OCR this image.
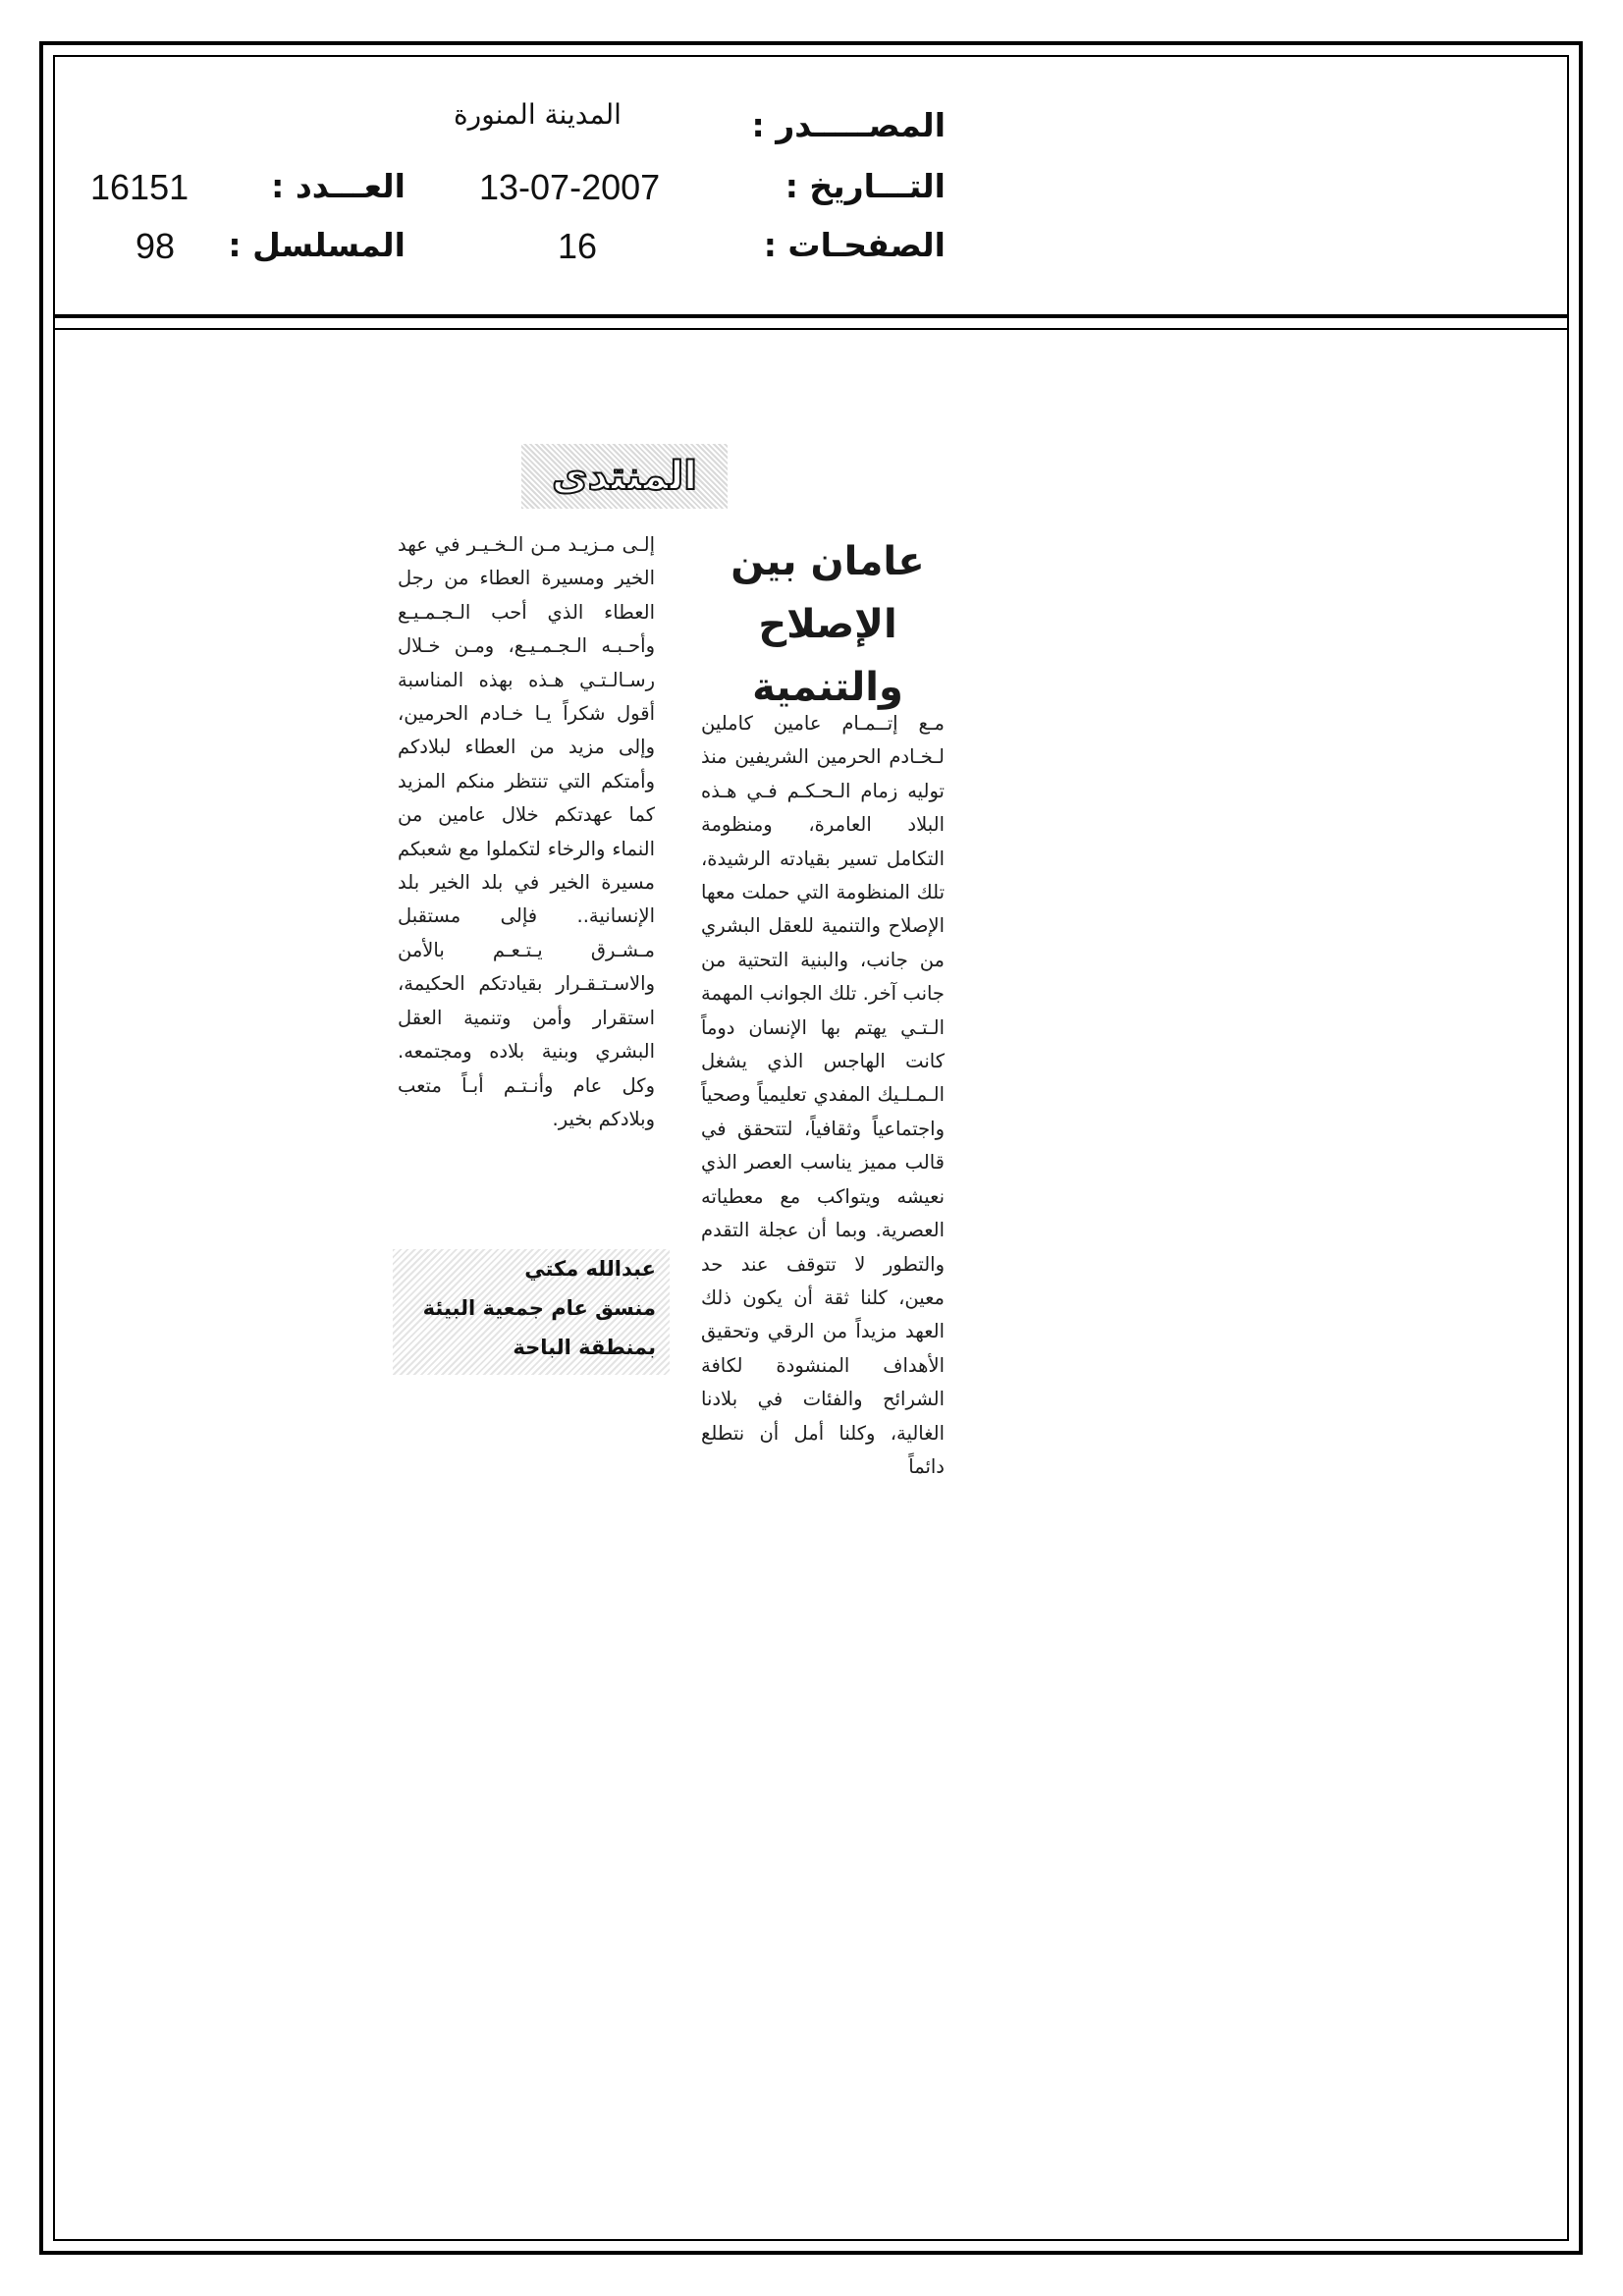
المصـــــدر :
المدينة المنورة
التـــاريخ :
13-07-2007
العـــدد :
16151
الصفحـات :
16
المسلسل :
98
المنتدى
عامان بين
الإصلاح
والتنمية
مـع إتــمـام عامين كاملين لـخـادم الحرمين الشريفين منذ توليه زمام الـحـكـم فـي هـذه البلاد العامرة، ومنظومة التكامل تسير بقيادته الرشيدة، تلك المنظومة التي حملت معها الإصلاح والتنمية للعقل البشري من جانب، والبنية التحتية من جانب آخر. تلك الجوانب المهمة الـتـي يهتم بها الإنسان دوماً كانت الهاجس الذي يشغل الـمـلـيك المفدي تعليمياً وصحياً واجتماعياً وثقافياً، لتتحقق في قالب مميز يناسب العصر الذي نعيشه ويتواكب مع معطياته العصرية. وبما أن عجلة التقدم والتطور لا تتوقف عند حد معين، كلنا ثقة أن يكون ذلك العهد مزيداً من الرقي وتحقيق الأهداف المنشودة لكافة الشرائح والفئات في بلادنا الغالية، وكلنا أمل أن نتطلع دائماً
إلـى مـزيـد مـن الـخـيـر في عهد الخير ومسيرة العطاء من رجل العطاء الذي أحب الـجـمـيـع وأحـبـه الـجـمـيـع، ومـن خـلال رسـالـتـي هـذه بهذه المناسبة أقول شكراً يـا خـادم الحرمين، وإلى مزيد من العطاء لبلادكم وأمتكم التي تنتظر منكم المزيد كما عهدتكم خلال عامين من النماء والرخاء لتكملوا مع شعبكم مسيرة الخير في بلد الخير بلد الإنسانية.. فإلى مستقبل مـشـرق يـتـعـم بالأمن والاسـتـقـرار بقيادتكم الحكيمة، استقرار وأمن وتنمية العقل البشري وبنية بلاده ومجتمعه. وكل عام وأنـتـم أبـاً متعب وبلادكم بخير.
عبدالله مكتي
منسق عام جمعية البيئة
بمنطقة الباحة
